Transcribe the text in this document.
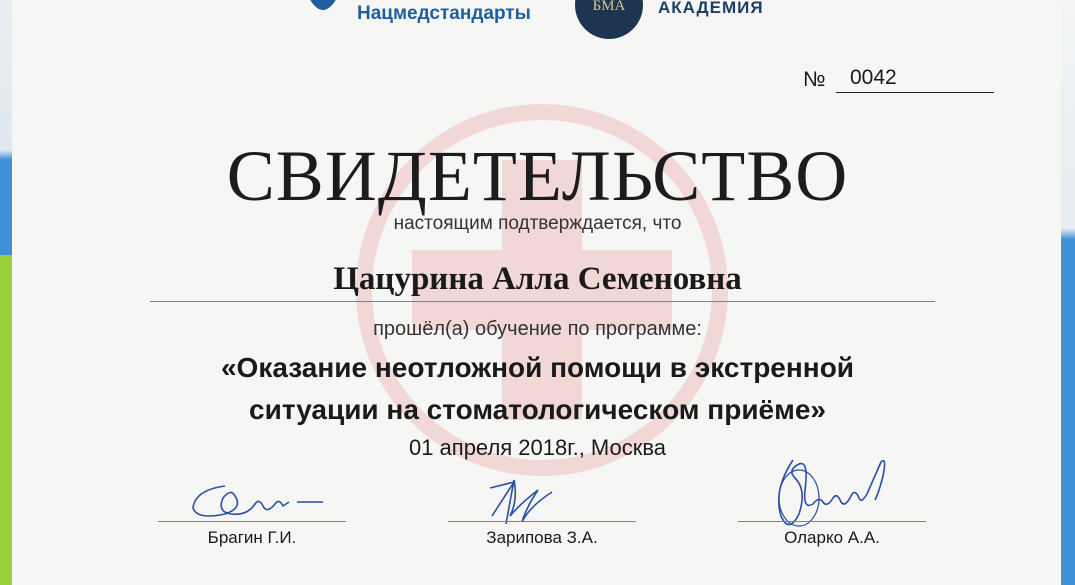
Нацмедстандарты	БМА АКАДЕМИЯ
№	0042
СВИДЕТЕЛЬСТВО
настоящим подтверждается, что
Цацурина Алла Семеновна
прошёл(а) обучение по программе:
«Оказание неотложной помощи в экстренной
ситуации на стоматологическом приёме»
01 апреля 2018г., Москва
Брагин Г.И.	Зарипова З.А.	Оларко А.А.
